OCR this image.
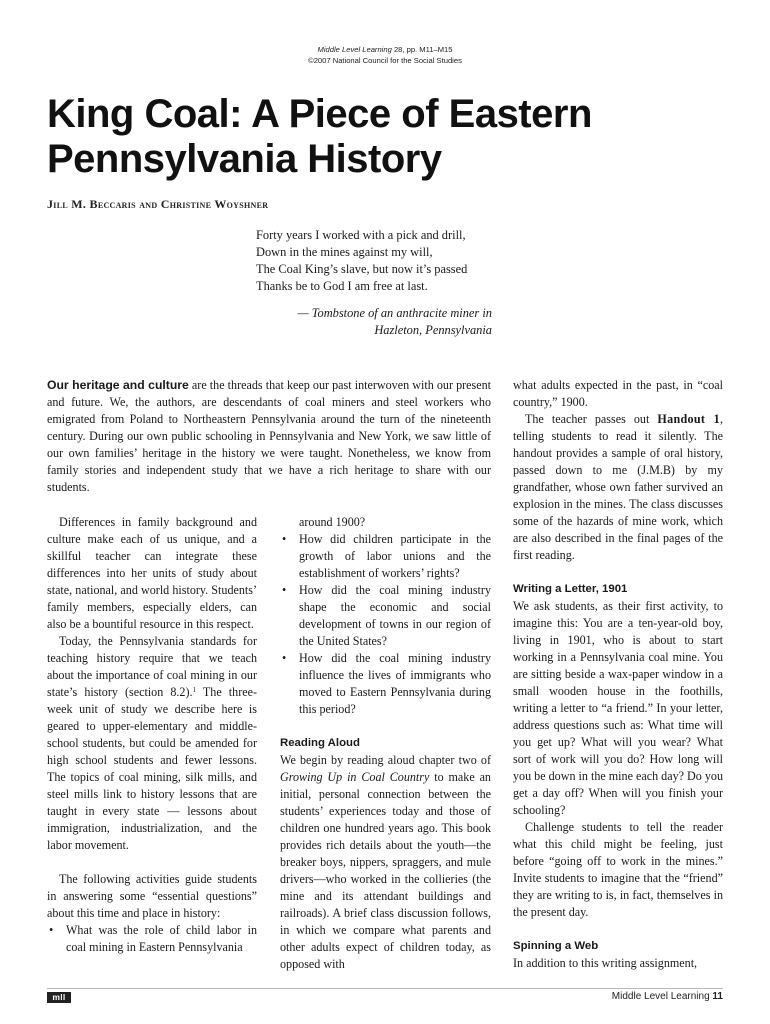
Middle Level Learning 28, pp. M11–M15
©2007 National Council for the Social Studies
King Coal: A Piece of Eastern Pennsylvania History
Jill M. Beccaris and Christine Woyshner
Forty years I worked with a pick and drill,
Down in the mines against my will,
The Coal King’s slave, but now it’s passed
Thanks be to God I am free at last.
— Tombstone of an anthracite miner in
Hazleton, Pennsylvania

Our heritage and culture are the threads that keep our past interwoven with our present and future. We, the authors, are descendants of coal miners and steel workers who emigrated from Poland to Northeastern Pennsylvania around the turn of the nineteenth century. During our own public schooling in Pennsylvania and New York, we saw little of our own families’ heritage in the history we were taught. Nonetheless, we know from family stories and independent study that we have a rich heritage to share with our students.

Differences in family background and culture make each of us unique, and a skillful teacher can integrate these differences into her units of study about state, national, and world history. Students’ family members, especially elders, can also be a bountiful resource in this respect.

Today, the Pennsylvania standards for teaching history require that we teach about the importance of coal mining in our state’s history (section 8.2).$^1$ The three-week unit of study we describe here is geared to upper-elementary and middle-school students, but could be amended for high school students and fewer lessons. The topics of coal mining, silk mills, and steel mills link to history lessons that are taught in every state — lessons about immigration, industrialization, and the labor movement.

The following activities guide students in answering some “essential questions” about this time and place in history:

• What was the role of child labor in coal mining in Eastern Pennsylvania

around 1900?

• How did children participate in the growth of labor unions and the establishment of workers’ rights?
• How did the coal mining industry shape the economic and social development of towns in our region of the United States?
• How did the coal mining industry influence the lives of immigrants who moved to Eastern Pennsylvania during this period?
Reading Aloud

We begin by reading aloud chapter two of Growing Up in Coal Country to make an initial, personal connection between the students’ experiences today and those of children one hundred years ago. This book provides rich details about the youth—the breaker boys, nippers, spraggers, and mule drivers—who worked in the collieries (the mine and its attendant buildings and railroads). A brief class discussion follows, in which we compare what parents and other adults expect of children today, as opposed with

what adults expected in the past, in “coal country,” 1900.

The teacher passes out Handout 1, telling students to read it silently. The handout provides a sample of oral history, passed down to me (J.M.B) by my grandfather, whose own father survived an explosion in the mines. The class discusses some of the hazards of mine work, which are also described in the final pages of the first reading.

Writing a Letter, 1901

We ask students, as their first activity, to imagine this: You are a ten-year-old boy, living in 1901, who is about to start working in a Pennsylvania coal mine. You are sitting beside a wax-paper window in a small wooden house in the foothills, writing a letter to “a friend.” In your letter, address questions such as: What time will you get up? What will you wear? What sort of work will you do? How long will you be down in the mine each day? Do you get a day off? When will you finish your schooling?

Challenge students to tell the reader what this child might be feeling, just before “going off to work in the mines.” Invite students to imagine that the “friend” they are writing to is, in fact, themselves in the present day.

Spinning a Web

In addition to this writing assignment,

mll	Middle Level Learning 11
